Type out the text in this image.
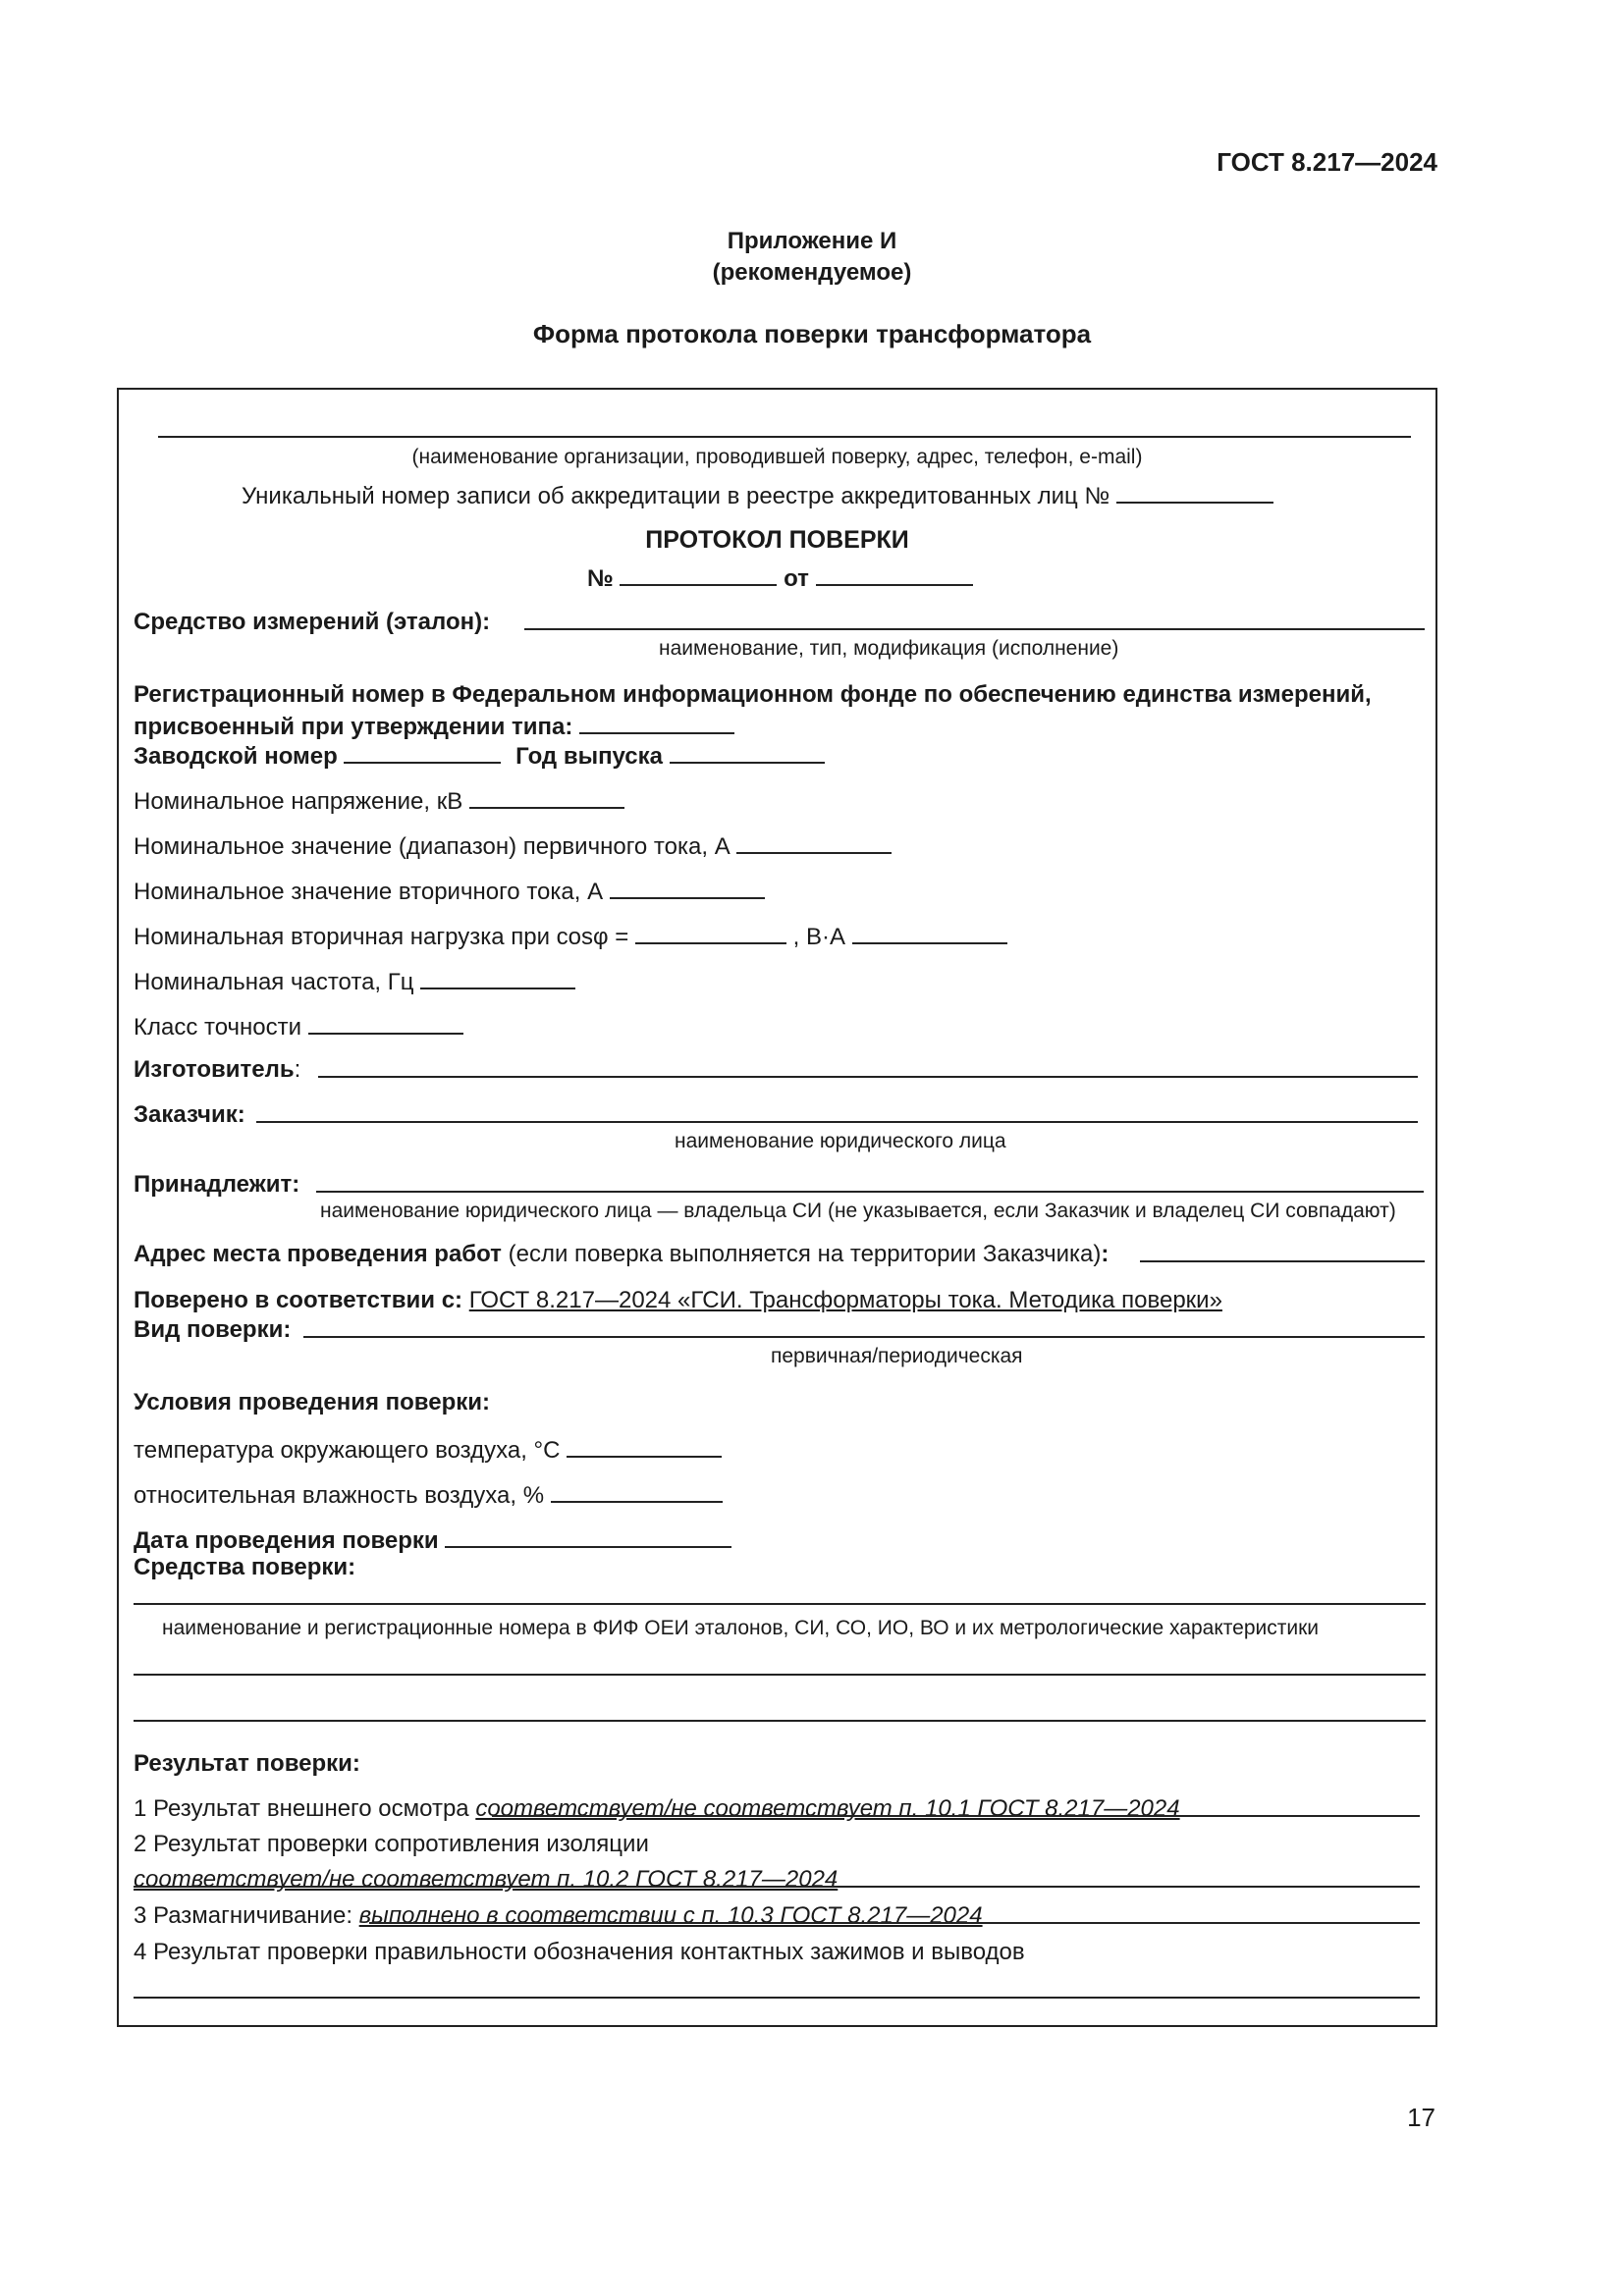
ГОСТ 8.217—2024
Приложение И
(рекомендуемое)
Форма протокола поверки трансформатора
(наименование организации, проводившей поверку, адрес, телефон, e-mail)
Уникальный номер записи об аккредитации в реестре аккредитованных лиц №
ПРОТОКОЛ ПОВЕРКИ
№	от
Средство измерений (эталон):
наименование, тип, модификация (исполнение)
Регистрационный номер в Федеральном информационном фонде по обеспечению единства измерений,
присвоенный при утверждении типа:
Заводской номер	Год выпуска
Номинальное напряжение, кВ
Номинальное значение (диапазон) первичного тока, А
Номинальное значение вторичного тока, А
Номинальная вторичная нагрузка при cosφ =	, В·А
Номинальная частота, Гц
Класс точности
Изготовитель:
Заказчик:
наименование юридического лица
Принадлежит:
наименование юридического лица — владельца СИ (не указывается, если Заказчик и владелец СИ совпадают)
Адрес места проведения работ (если поверка выполняется на территории Заказчика):
Поверено в соответствии с: ГОСТ 8.217—2024 «ГСИ. Трансформаторы тока. Методика поверки»
Вид поверки:
первичная/периодическая
Условия проведения поверки:
температура окружающего воздуха, °С
относительная влажность воздуха, %
Дата проведения поверки
Средства поверки:
наименование и регистрационные номера в ФИФ ОЕИ эталонов, СИ, СО, ИО, ВО и их метрологические характеристики
Результат поверки:
1 Результат внешнего осмотра соответствует/не соответствует п. 10.1 ГОСТ 8.217—2024
2 Результат проверки сопротивления изоляции
соответствует/не соответствует п. 10.2 ГОСТ 8.217—2024
3 Размагничивание: выполнено в соответствии с п. 10.3 ГОСТ 8.217—2024
4 Результат проверки правильности обозначения контактных зажимов и выводов
17
